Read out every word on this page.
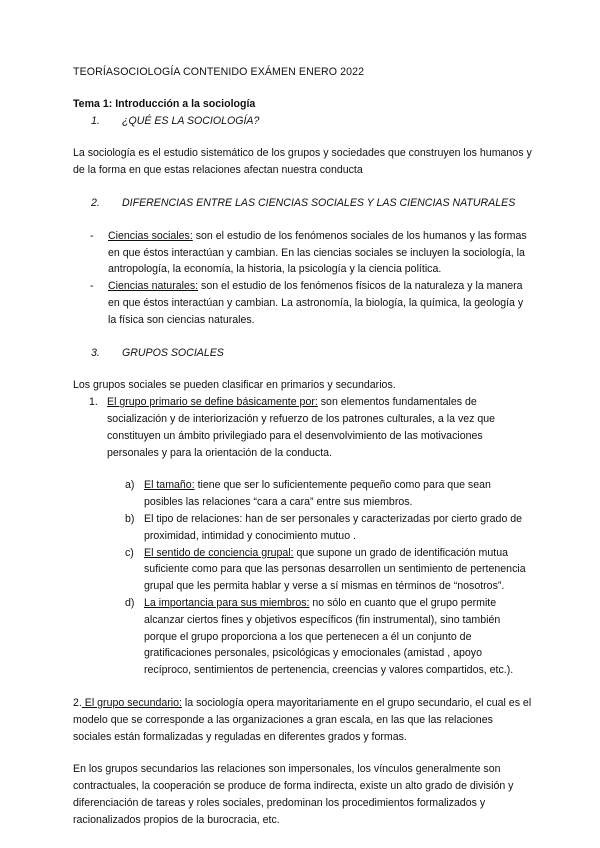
TEORÍASOCIOLOGÍA CONTENIDO EXÁMEN ENERO 2022

Tema 1: Introducción a la sociología

1.	¿QUÉ ES LA SOCIOLOGÍA?

La sociología es el estudio sistemático de los grupos y sociedades que construyen los humanos y de la forma en que estas relaciones afectan nuestra conducta

2.	DIFERENCIAS ENTRE LAS CIENCIAS SOCIALES Y LAS CIENCIAS NATURALES
-	Ciencias sociales: son el estudio de los fenómenos sociales de los humanos y las formas en que éstos interactúan y cambian. En las ciencias sociales se incluyen la sociología, la antropología, la economía, la historia, la psicología y la ciencia política.
-	Ciencias naturales: son el estudio de los fenómenos físicos de la naturaleza y la manera en que éstos interactúan y cambian. La astronomía, la biología, la química, la geología y la física son ciencias naturales.
3.	GRUPOS SOCIALES

Los grupos sociales se pueden clasificar en primarios y secundarios.

1. El grupo primario se define básicamente por: son elementos fundamentales de socialización y de interiorización y refuerzo de los patrones culturales, a la vez que constituyen un ámbito privilegiado para el desenvolvimiento de las motivaciones personales y para la orientación de la conducta.
a) El tamaño: tiene que ser lo suficientemente pequeño como para que sean posibles las relaciones “cara a cara” entre sus miembros.
b) El tipo de relaciones: han de ser personales y caracterizadas por cierto grado de proximidad, intimidad y conocimiento mutuo .
c) El sentido de conciencia grupal: que supone un grado de identificación mutua suficiente como para que las personas desarrollen un sentimiento de pertenencia grupal que les permita hablar y verse a sí mismas en términos de “nosotros”.
d) La importancia para sus miembros: no sólo en cuanto que el grupo permite alcanzar ciertos fines y objetivos específicos (fin instrumental), sino también porque el grupo proporciona a los que pertenecen a él un conjunto de gratificaciones personales, psicológicas y emocionales (amistad , apoyo recíproco, sentimientos de pertenencia, creencias y valores compartidos, etc.).

2. El grupo secundario: la sociología opera mayoritariamente en el grupo secundario, el cual es el modelo que se corresponde a las organizaciones a gran escala, en las que las relaciones sociales están formalizadas y reguladas en diferentes grados y formas.

En los grupos secundarios las relaciones son impersonales, los vínculos generalmente son contractuales, la cooperación se produce de forma indirecta, existe un alto grado de división y diferenciación de tareas y roles sociales, predominan los procedimientos formalizados y racionalizados propios de la burocracia, etc.
